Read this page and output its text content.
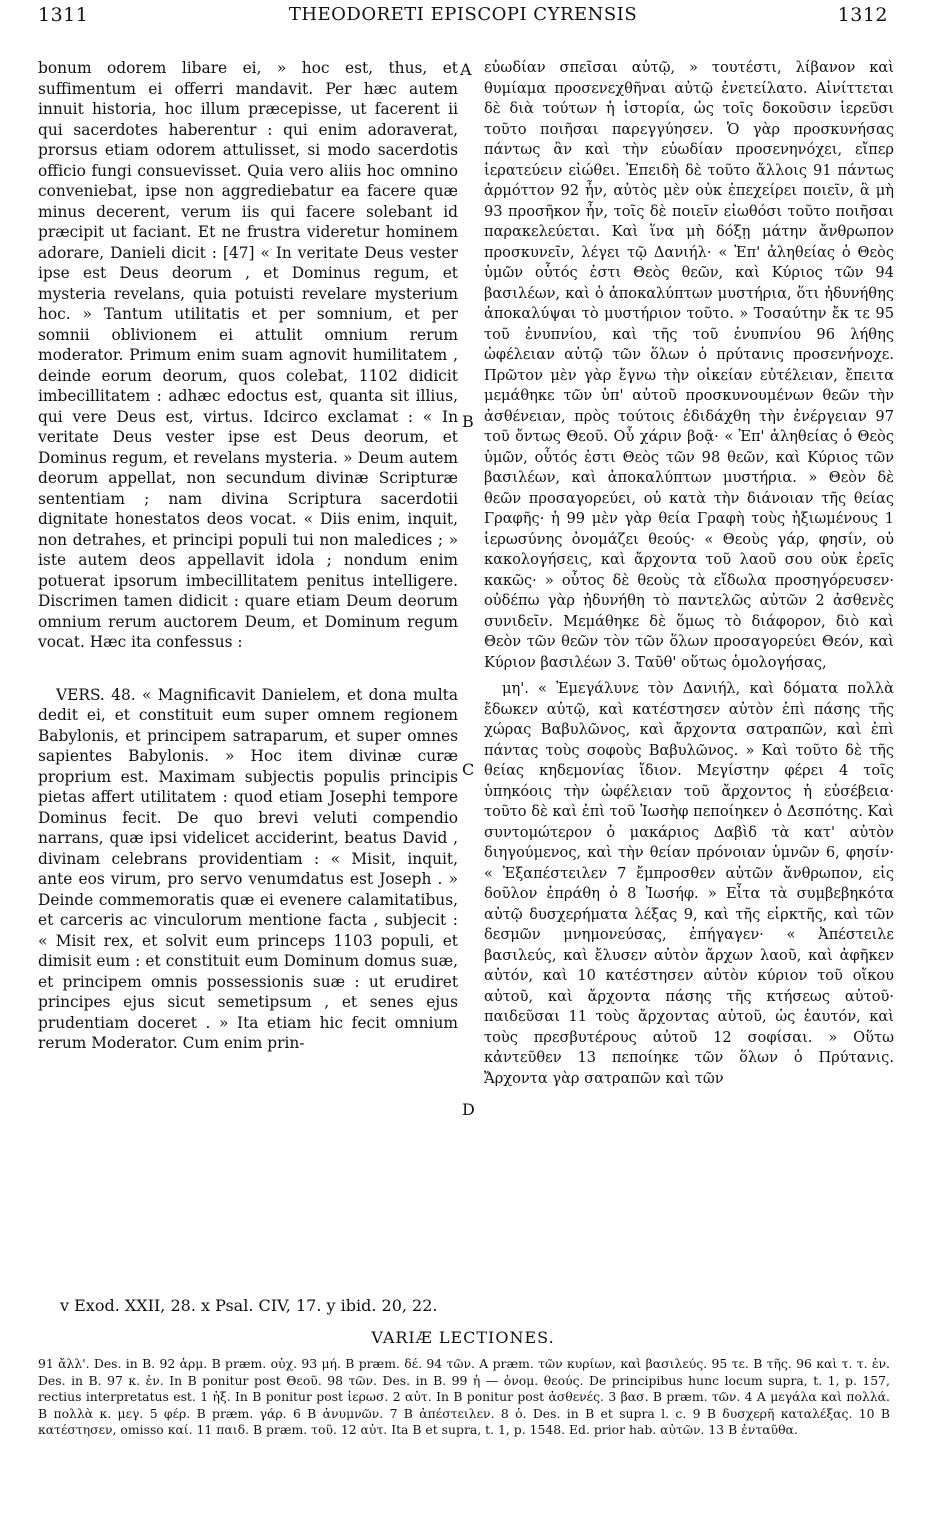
1311	THEODORETI EPISCOPI CYRENSIS	1312

bonum odorem libare ei, » hoc est, thus, et suffimentum ei offerri mandavit. Per hæc autem innuit historia, hoc illum præcepisse, ut facerent ii qui sacerdotes haberentur : qui enim adoraverat, prorsus etiam odorem attulisset, si modo sacerdotis officio fungi consuevisset. Quia vero aliis hoc omnino conveniebat, ipse non aggrediebatur ea facere quæ minus decerent, verum iis qui facere solebant id præcipit ut faciant. Et ne frustra videretur hominem adorare, Danieli dicit : [47] « In veritate Deus vester ipse est Deus deorum , et Dominus regum, et mysteria revelans, quia potuisti revelare mysterium hoc. » Tantum utilitatis et per somnium, et per somnii oblivionem ei attulit omnium rerum moderator. Primum enim suam agnovit humilitatem , deinde eorum deorum, quos colebat, 1102 didicit imbecillitatem : adhæc edoctus est, quanta sit illius, qui vere Deus est, virtus. Idcirco exclamat : « In veritate Deus vester ipse est Deus deorum, et Dominus regum, et revelans mysteria. » Deum autem deorum appellat, non secundum divinæ Scripturæ sententiam ; nam divina Scriptura sacerdotii dignitate honestatos deos vocat. « Diis enim, inquit, non detrahes, et principi populi tui non maledices ; » iste autem deos appellavit idola ; nondum enim potuerat ipsorum imbecillitatem penitus intelligere. Discrimen tamen didicit : quare etiam Deum deorum omnium rerum auctorem Deum, et Dominum regum vocat. Hæc ita confessus :

VERS. 48. « Magnificavit Danielem, et dona multa dedit ei, et constituit eum super omnem regionem Babylonis, et principem satraparum, et super omnes sapientes Babylonis. » Hoc item divinæ curæ proprium est. Maximam subjectis populis principis pietas affert utilitatem : quod etiam Josephi tempore Dominus fecit. De quo brevi veluti compendio narrans, quæ ipsi videlicet acciderint, beatus David , divinam celebrans providentiam : « Misit, inquit, ante eos virum, pro servo venumdatus est Joseph . » Deinde commemoratis quæ ei evenere calamitatibus, et carceris ac vinculorum mentione facta , subjecit : « Misit rex, et solvit eum princeps 1103 populi, et dimisit eum : et constituit eum Dominum domus suæ, et principem omnis possessionis suæ : ut erudiret principes ejus sicut semetipsum , et senes ejus prudentiam doceret . » Ita etiam hic fecit omnium rerum Moderator. Cum enim prin-

εὐωδίαν σπεῖσαι αὐτῷ, » τουτέστι, λίβανον καὶ θυμίαμα προσενεχθῆναι αὐτῷ ἐνετείλατο. Αἰνίττεται δὲ διὰ τούτων ἡ ἱστορία, ὡς τοῖς δοκοῦσιν ἱερεῦσι τοῦτο ποιῆσαι παρεγγύησεν. Ὁ γὰρ προσκυνήσας πάντως ἂν καὶ τὴν εὐωδίαν προσενηνόχει, εἴπερ ἱερατεύειν εἰώθει. Ἐπειδὴ δὲ τοῦτο ἄλλοις 91 πάντως ἁρμόττον 92 ἦν, αὐτὸς μὲν οὐκ ἐπεχείρει ποιεῖν, ἃ μὴ 93 προσῆκον ἦν, τοῖς δὲ ποιεῖν εἰωθόσι τοῦτο ποιῆσαι παρακελεύεται. Καὶ ἵνα μὴ δόξῃ μάτην ἄνθρωπον προσκυνεῖν, λέγει τῷ Δανιήλ· « Ἐπ' ἀληθείας ὁ Θεὸς ὑμῶν οὗτός ἐστι Θεὸς θεῶν, καὶ Κύριος τῶν 94 βασιλέων, καὶ ὁ ἀποκαλύπτων μυστήρια, ὅτι ἠδυνήθης ἀποκαλύψαι τὸ μυστήριον τοῦτο. » Τοσαύτην ἔκ τε 95 τοῦ ἐνυπνίου, καὶ τῆς τοῦ ἐνυπνίου 96 λήθης ὠφέλειαν αὐτῷ τῶν ὅλων ὁ πρύτανις προσενήνοχε. Πρῶτον μὲν γὰρ ἔγνω τὴν οἰκείαν εὐτέλειαν, ἔπειτα μεμάθηκε τῶν ὑπ' αὐτοῦ προσκυνουμένων θεῶν τὴν ἀσθένειαν, πρὸς τούτοις ἐδιδάχθη τὴν ἐνέργειαν 97 τοῦ ὄντως Θεοῦ. Οὗ χάριν βοᾷ· « Ἐπ' ἀληθείας ὁ Θεὸς ὑμῶν, οὗτός ἐστι Θεὸς τῶν 98 θεῶν, καὶ Κύριος τῶν βασιλέων, καὶ ἀποκαλύπτων μυστήρια. » Θεὸν δὲ θεῶν προσαγορεύει, οὐ κατὰ τὴν διάνοιαν τῆς θείας Γραφῆς· ἡ 99 μὲν γὰρ θεία Γραφὴ τοὺς ἠξιωμένους 1 ἱερωσύνης ὀνομάζει θεούς· « Θεοὺς γάρ, φησίν, οὐ κακολογήσεις, καὶ ἄρχοντα τοῦ λαοῦ σου οὐκ ἐρεῖς κακῶς· » οὗτος δὲ θεοὺς τὰ εἴδωλα προσηγόρευσεν· οὐδέπω γὰρ ἠδυνήθη τὸ παντελῶς αὐτῶν 2 ἀσθενὲς συνιδεῖν. Μεμάθηκε δὲ ὅμως τὸ διάφορον, διὸ καὶ Θεὸν τῶν θεῶν τὸν τῶν ὅλων προσαγορεύει Θεόν, καὶ Κύριον βασιλέων 3. Ταῦθ' οὕτως ὁμολογήσας,

μη'. « Ἐμεγάλυνε τὸν Δανιήλ, καὶ δόματα πολλὰ ἔδωκεν αὐτῷ, καὶ κατέστησεν αὐτὸν ἐπὶ πάσης τῆς χώρας Βαβυλῶνος, καὶ ἄρχοντα σατραπῶν, καὶ ἐπὶ πάντας τοὺς σοφοὺς Βαβυλῶνος. » Καὶ τοῦτο δὲ τῆς θείας κηδεμονίας ἴδιον. Μεγίστην φέρει 4 τοῖς ὑπηκόοις τὴν ὠφέλειαν τοῦ ἄρχοντος ἡ εὐσέβεια· τοῦτο δὲ καὶ ἐπὶ τοῦ Ἰωσὴφ πεποίηκεν ὁ Δεσπότης. Καὶ συντομώτερον ὁ μακάριος Δαβὶδ τὰ κατ' αὐτὸν διηγούμενος, καὶ τὴν θείαν πρόνοιαν ὑμνῶν 6, φησίν· « Ἐξαπέστειλεν 7 ἔμπροσθεν αὐτῶν ἄνθρωπον, εἰς δοῦλον ἐπράθη ὁ 8 Ἰωσήφ. » Εἶτα τὰ συμβεβηκότα αὐτῷ δυσχερήματα λέξας 9, καὶ τῆς εἱρκτῆς, καὶ τῶν δεσμῶν μνημονεύσας, ἐπήγαγεν· « Ἀπέστειλε βασιλεύς, καὶ ἔλυσεν αὐτὸν ἄρχων λαοῦ, καὶ ἀφῆκεν αὐτόν, καὶ 10 κατέστησεν αὐτὸν κύριον τοῦ οἴκου αὐτοῦ, καὶ ἄρχοντα πάσης τῆς κτήσεως αὐτοῦ· παιδεῦσαι 11 τοὺς ἄρχοντας αὐτοῦ, ὡς ἑαυτόν, καὶ τοὺς πρεσβυτέρους αὐτοῦ 12 σοφίσαι. » Οὕτω κἀντεῦθεν 13 πεποίηκε τῶν ὅλων ὁ Πρύτανις. Ἄρχοντα γὰρ σατραπῶν καὶ τῶν

A
B
C
D
v Exod. XXII, 28. x Psal. CIV, 17. y ibid. 20, 22.
VARIÆ LECTIONES.
91 ἄλλ'. Des. in B. 92 ἁρμ. B præm. οὐχ. 93 μή. B præm. δέ. 94 τῶν. A præm. τῶν κυρίων, καὶ βασιλεύς. 95 τε. B τῆς. 96 καὶ τ. τ. ἐν. Des. in B. 97 κ. ἐν. In B ponitur post Θεοῦ. 98 τῶν. Des. in B. 99 ἡ — ὀνομ. θεούς. De principibus hunc locum supra, t. 1, p. 157, rectius interpretatus est. 1 ἠξ. In B ponitur post ἱερωσ. 2 αὐτ. In B ponitur post ἀσθενές. 3 βασ. B præm. τῶν. 4 A μεγάλα καὶ πολλά. B πολλὰ κ. μεγ. 5 φέρ. B præm. γάρ. 6 B ἀνυμνῶν. 7 B ἀπέστειλεν. 8 ὁ. Des. in B et supra l. c. 9 B δυσχερῆ καταλέξας. 10 B κατέστησεν, omisso καί. 11 παιδ. B præm. τοῦ. 12 αὐτ. Ita B et supra, t. 1, p. 1548. Ed. prior hab. αὐτῶν. 13 B ἐνταῦθα.
